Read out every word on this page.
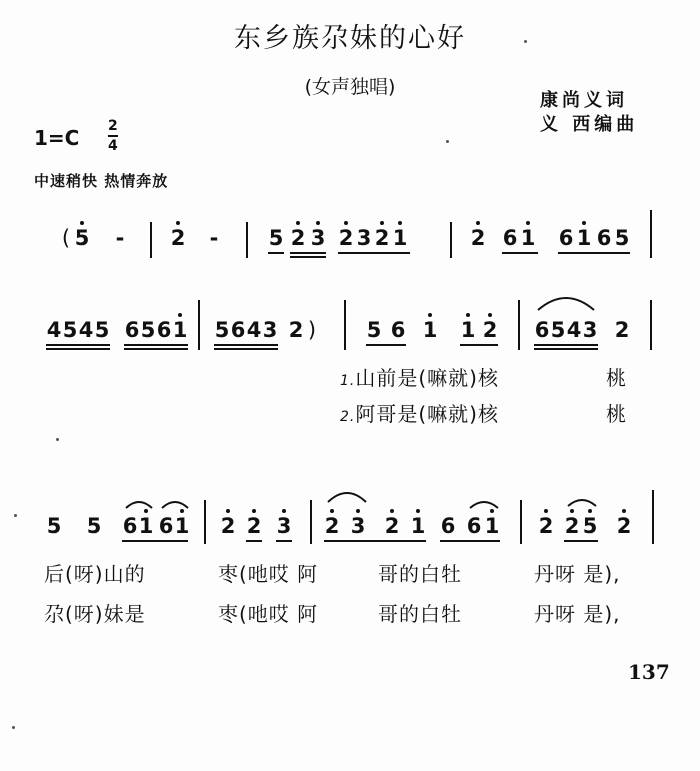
东乡族尕妹的心好
(女声独唱)
康尚义词
义 西编曲
1=C 2
4
中速稍快 热情奔放
( 5 - 2 - 5 2 3 2 3 2 1	2 6 1 6 1 6 5
4 5 4 5 6 5 6 1 5 6 4 3 2 ) 5 6 1 1 2 6 5 4 3 2
1.山前是(嘛就)核	桃
2.阿哥是(嘛就)核	桃
5 5 6 1 6 1 2 2 3 2 3 2 1 6 6 1 2 2 5 2
后(呀)山的	枣(吔哎 阿	哥的白牡	丹呀 是),
尕(呀)妹是	枣(吔哎 阿	哥的白牡	丹呀 是),
137
